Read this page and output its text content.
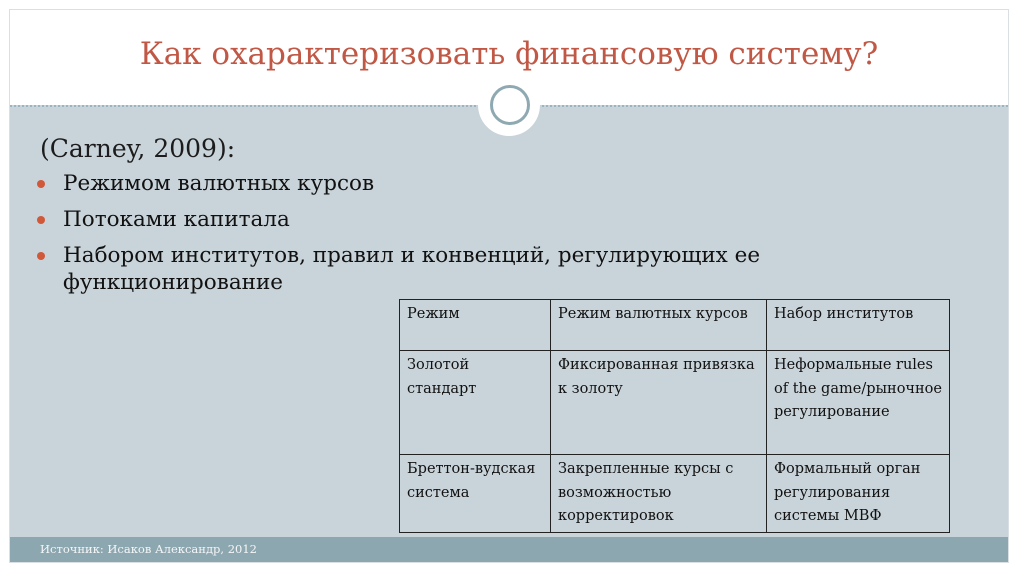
Как охарактеризовать финансовую систему?
(Carney, 2009):
Режимом валютных курсов
Потоками капитала
Набором институтов, правил и конвенций, регулирующих ее функционирование
Режим	Режим валютных курсов	Набор институтов
Золотой стандарт	Фиксированная привязка к золоту	Неформальные rules of the game/рыночное регулирование
Бреттон-вудская система	Закрепленные курсы с возможностью корректировок	Формальный орган регулирования системы МВФ
Источник: Исаков Александр, 2012
